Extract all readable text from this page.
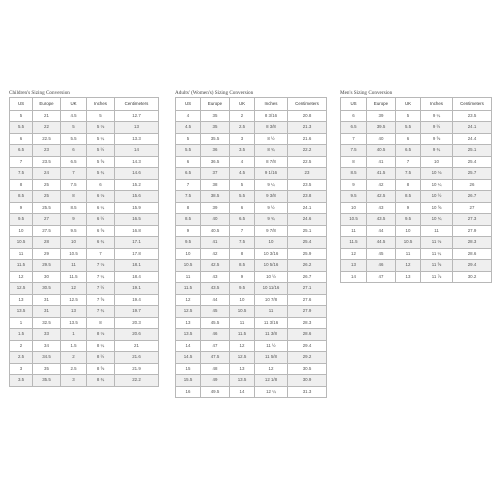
Children's Sizing Conversion
US	Europe	UK	Inches	Centimeters
5	21	4.5	5	12.7
5.5	22	5	5 ⅛	13
6	22.5	5.5	5 ¼	13.3
6.5	23	6	5 ½	14
7	23.5	6.5	5 ⅝	14.3
7.5	24	7	5 ¾	14.6
8	25	7.5	6	15.2
8.5	25	8	6 ⅛	15.6
9	25.5	8.5	6 ¼	15.9
9.5	27	9	6 ½	16.5
10	27.5	9.5	6 ⅝	16.8
10.5	28	10	6 ¾	17.1
11	29	10.5	7	17.8
11.5	29.5	11	7 ⅛	18.1
12	30	11.5	7 ¼	18.4
12.5	30.5	12	7 ½	19.1
13	31	12.5	7 ⅝	19.4
13.5	31	13	7 ¾	19.7
1	32.5	13.5	8	20.3
1.5	33	1	8 ⅛	20.6
2	34	1.5	8 ¼	21
2.5	34.5	2	8 ½	21.6
3	35	2.5	8 ⅝	21.9
3.5	35.5	3	8 ¾	22.2
Adults' (Women's) Sizing Conversion
US	Europe	UK	Inches	Centimeters
4	35	2	8 3/16	20.8
4.5	35	2.5	8 3/8	21.3
5	35.5	3	8 ½	21.6
5.5	36	3.5	8 ¾	22.2
6	36.5	4	8 7/8	22.5
6.5	37	4.5	9 1/16	23
7	38	5	9 ¼	23.5
7.5	38.5	5.5	9 3/8	23.8
8	39	6	9 ½	24.1
8.5	40	6.5	9 ¾	24.6
9	40.5	7	9 7/8	25.1
9.5	41	7.5	10	25.4
10	42	8	10 3/16	25.9
10.5	42.5	8.5	10 5/16	26.2
11	43	9	10 ½	26.7
11.5	43.5	9.5	10 11/16	27.1
12	44	10	10 7/8	27.6
12.5	45	10.5	11	27.9
13	45.5	11	11 3/16	28.3
13.5	46	11.5	11 3/8	28.6
14	47	12	11 ½	29.4
14.5	47.5	12.5	11 5/8	29.2
15	48	13	12	30.5
15.5	49	13.5	12 1/8	30.9
16	49.5	14	12 ¼	31.3
Men's Sizing Conversion
US	Europe	UK	Inches	Centimeters
6	39	5	9 ¼	23.5
6.5	39.5	5.5	9 ½	24.1
7	40	6	9 ⅝	24.4
7.5	40.5	6.5	9 ¾	25.1
8	41	7	10	25.4
8.5	41.5	7.5	10 ⅛	25.7
9	42	8	10 ¼	26
9.5	42.5	8.5	10 ½	26.7
10	43	9	10 ⅝	27
10.5	43.5	9.5	10 ¾	27.3
11	44	10	11	27.9
11.5	44.5	10.5	11 ⅛	28.3
12	45	11	11 ¼	28.6
13	46	12	11 ⅝	29.4
14	47	13	11 ⅞	30.2
